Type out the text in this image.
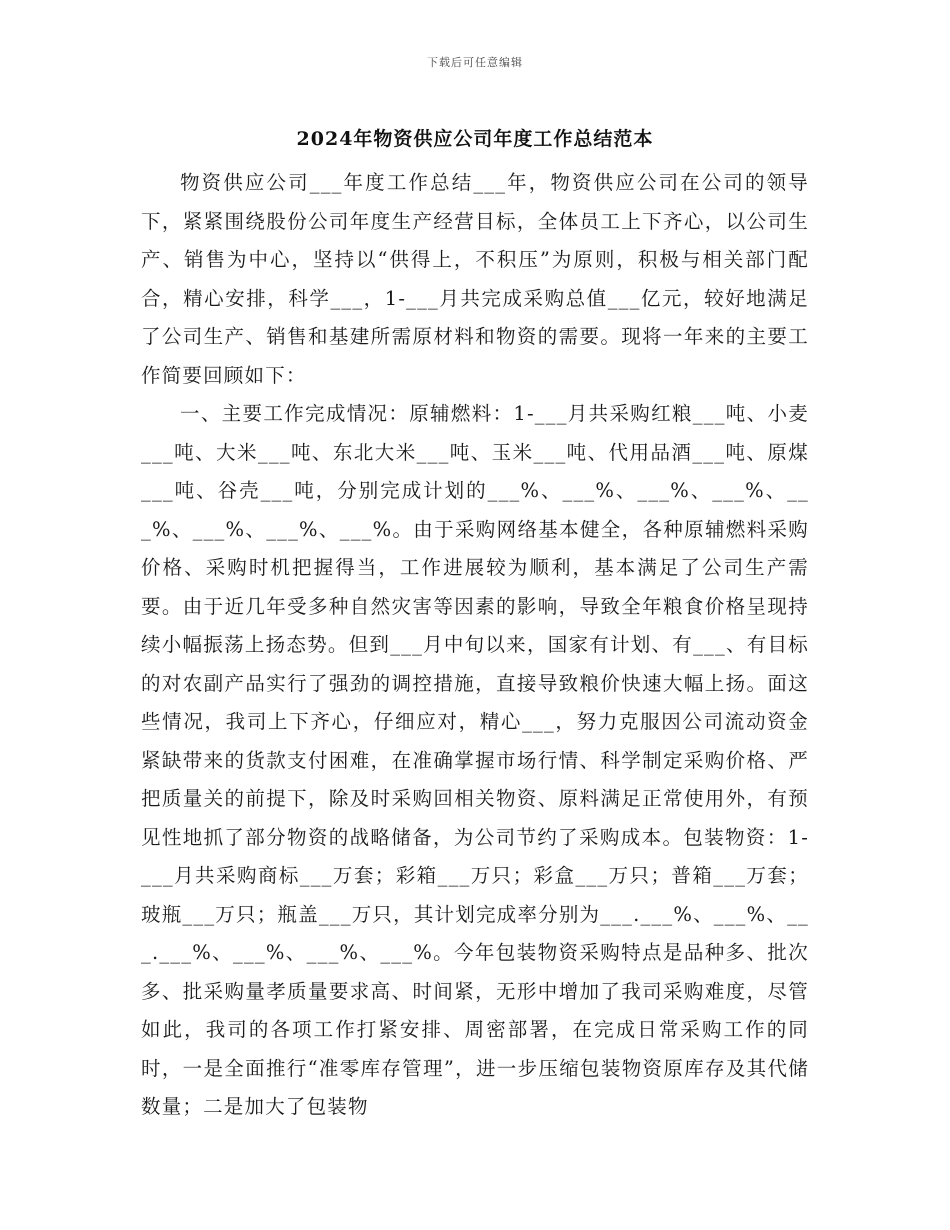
下载后可任意编辑
2024年物资供应公司年度工作总结范本

物资供应公司___年度工作总结___年，物资供应公司在公司的领导下，紧紧围绕股份公司年度生产经营目标，全体员工上下齐心，以公司生产、销售为中心，坚持以“供得上，不积压”为原则，积极与相关部门配合，精心安排，科学___，1-___月共完成采购总值___亿元，较好地满足了公司生产、销售和基建所需原材料和物资的需要。现将一年来的主要工作简要回顾如下：

一、主要工作完成情况：原辅燃料：1-___月共采购红粮___吨、小麦___吨、大米___吨、东北大米___吨、玉米___吨、代用品酒___吨、原煤___吨、谷壳___吨，分别完成计划的___%、___%、___%、___%、___%、___%、___%、___%。由于采购网络基本健全，各种原辅燃料采购价格、采购时机把握得当，工作进展较为顺利，基本满足了公司生产需要。由于近几年受多种自然灾害等因素的影响，导致全年粮食价格呈现持续小幅振荡上扬态势。但到___月中旬以来，国家有计划、有___、有目标的对农副产品实行了强劲的调控措施，直接导致粮价快速大幅上扬。面这些情况，我司上下齐心，仔细应对，精心___，努力克服因公司流动资金紧缺带来的货款支付困难，在准确掌握市场行情、科学制定采购价格、严把质量关的前提下，除及时采购回相关物资、原料满足正常使用外，有预见性地抓了部分物资的战略储备，为公司节约了采购成本。包装物资：1-___月共采购商标___万套；彩箱___万只；彩盒___万只；普箱___万套；玻瓶___万只；瓶盖___万只，其计划完成率分别为___.___%、___%、___.___%、___%、___%、___%。今年包装物资采购特点是品种多、批次多、批采购量孝质量要求高、时间紧，无形中增加了我司采购难度，尽管如此，我司的各项工作打紧安排、周密部署，在完成日常采购工作的同时，一是全面推行“准零库存管理”，进一步压缩包装物资原库存及其代储数量；二是加大了包装物
